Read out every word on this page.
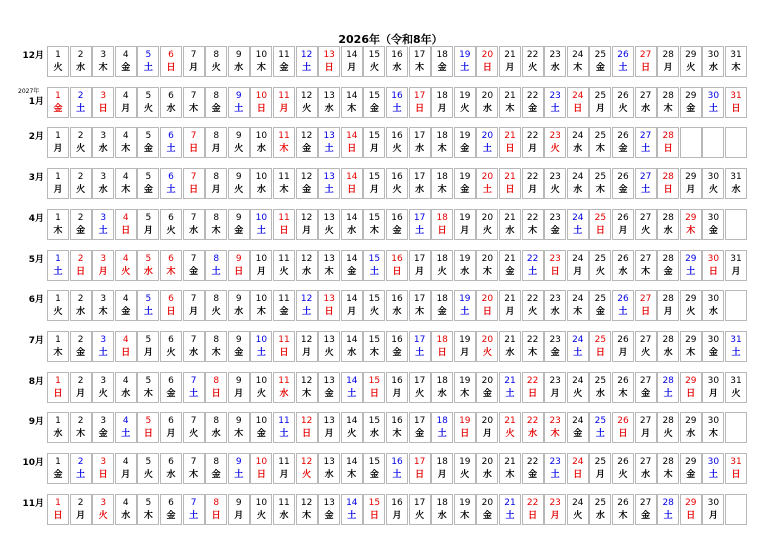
2026年（令和8年）
12月	1
火
2
水
3
木
4
金
5
土
6
日
7
月
8
火
9
水
10
木
11
金
12
土
13
日
14
月
15
火
16
水
17
木
18
金
19
土
20
日
21
月
22
火
23
水
24
木
25
金
26
土
27
日
28
月
29
火
30
水
31
木
1月
2027年	1
金
2
土
3
日
4
月
5
火
6
水
7
木
8
金
9
土
10
日
11
月
12
火
13
水
14
木
15
金
16
土
17
日
18
月
19
火
20
水
21
木
22
金
23
土
24
日
25
月
26
火
27
水
28
木
29
金
30
土
31
日
2月	1
月
2
火
3
水
4
木
5
金
6
土
7
日
8
月
9
火
10
水
11
木
12
金
13
土
14
日
15
月
16
火
17
水
18
木
19
金
20
土
21
日
22
月
23
火
24
水
25
木
26
金
27
土
28
日
3月	1
月
2
火
3
水
4
木
5
金
6
土
7
日
8
月
9
火
10
水
11
木
12
金
13
土
14
日
15
月
16
火
17
水
18
木
19
金
20
土
21
日
22
月
23
火
24
水
25
木
26
金
27
土
28
日
29
月
30
火
31
水
4月	1
木
2
金
3
土
4
日
5
月
6
火
7
水
8
木
9
金
10
土
11
日
12
月
13
火
14
水
15
木
16
金
17
土
18
日
19
月
20
火
21
水
22
木
23
金
24
土
25
日
26
月
27
火
28
水
29
木
30
金
5月	1
土
2
日
3
月
4
火
5
水
6
木
7
金
8
土
9
日
10
月
11
火
12
水
13
木
14
金
15
土
16
日
17
月
18
火
19
水
20
木
21
金
22
土
23
日
24
月
25
火
26
水
27
木
28
金
29
土
30
日
31
月
6月	1
火
2
水
3
木
4
金
5
土
6
日
7
月
8
火
9
水
10
木
11
金
12
土
13
日
14
月
15
火
16
水
17
木
18
金
19
土
20
日
21
月
22
火
23
水
24
木
25
金
26
土
27
日
28
月
29
火
30
水
7月	1
木
2
金
3
土
4
日
5
月
6
火
7
水
8
木
9
金
10
土
11
日
12
月
13
火
14
水
15
木
16
金
17
土
18
日
19
月
20
火
21
水
22
木
23
金
24
土
25
日
26
月
27
火
28
水
29
木
30
金
31
土
8月	1
日
2
月
3
火
4
水
5
木
6
金
7
土
8
日
9
月
10
火
11
水
12
木
13
金
14
土
15
日
16
月
17
火
18
水
19
木
20
金
21
土
22
日
23
月
24
火
25
水
26
木
27
金
28
土
29
日
30
月
31
火
9月	1
水
2
木
3
金
4
土
5
日
6
月
7
火
8
水
9
木
10
金
11
土
12
日
13
月
14
火
15
水
16
木
17
金
18
土
19
日
20
月
21
火
22
水
23
木
24
金
25
土
26
日
27
月
28
火
29
水
30
木
10月	1
金
2
土
3
日
4
月
5
火
6
水
7
木
8
金
9
土
10
日
11
月
12
火
13
水
14
木
15
金
16
土
17
日
18
月
19
火
20
水
21
木
22
金
23
土
24
日
25
月
26
火
27
水
28
木
29
金
30
土
31
日
11月	1
日
2
月
3
火
4
水
5
木
6
金
7
土
8
日
9
月
10
火
11
水
12
木
13
金
14
土
15
日
16
月
17
火
18
水
19
木
20
金
21
土
22
日
23
月
24
火
25
水
26
木
27
金
28
土
29
日
30
月
